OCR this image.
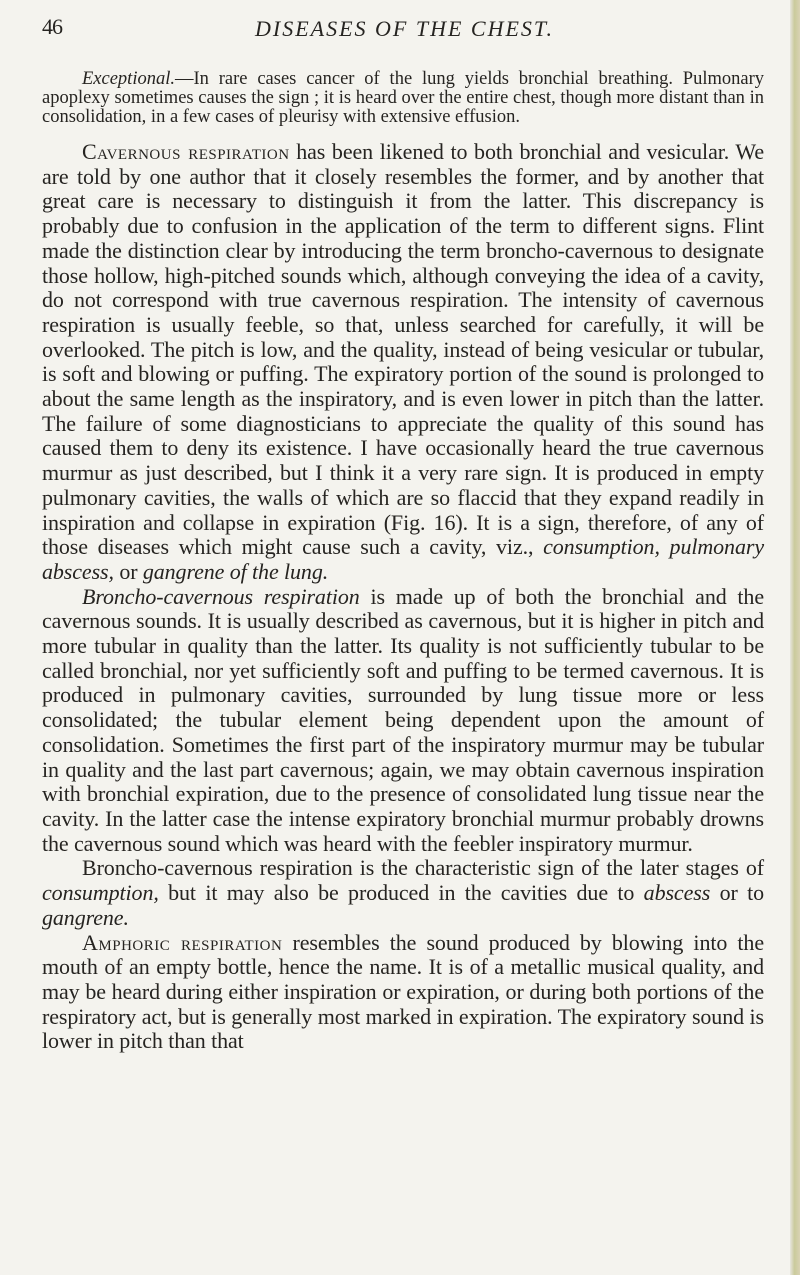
46	DISEASES OF THE CHEST.

Exceptional.—In rare cases cancer of the lung yields bronchial breathing. Pulmonary apoplexy sometimes causes the sign ; it is heard over the entire chest, though more distant than in consolidation, in a few cases of pleurisy with extensive effusion.

Cavernous respiration has been likened to both bronchial and vesicular. We are told by one author that it closely resembles the former, and by another that great care is necessary to distinguish it from the latter. This discrepancy is probably due to confusion in the application of the term to different signs. Flint made the distinction clear by introducing the term broncho-cavernous to designate those hollow, high-pitched sounds which, although conveying the idea of a cavity, do not correspond with true cavernous respiration. The intensity of cavernous respiration is usually feeble, so that, unless searched for carefully, it will be overlooked. The pitch is low, and the quality, instead of being vesicular or tubular, is soft and blowing or puffing. The expiratory portion of the sound is prolonged to about the same length as the inspiratory, and is even lower in pitch than the latter. The failure of some diagnosticians to appreciate the quality of this sound has caused them to deny its existence. I have occasionally heard the true cavernous murmur as just described, but I think it a very rare sign. It is produced in empty pulmonary cavities, the walls of which are so flaccid that they expand readily in inspiration and collapse in expiration (Fig. 16). It is a sign, therefore, of any of those diseases which might cause such a cavity, viz., consumption, pulmonary abscess, or gangrene of the lung.
Broncho-cavernous respiration is made up of both the bronchial and the cavernous sounds. It is usually described as cavernous, but it is higher in pitch and more tubular in quality than the latter. Its quality is not sufficiently tubular to be called bronchial, nor yet sufficiently soft and puffing to be termed cavernous. It is produced in pulmonary cavities, surrounded by lung tissue more or less consolidated; the tubular element being dependent upon the amount of consolidation. Sometimes the first part of the inspiratory murmur may be tubular in quality and the last part cavernous; again, we may obtain cavernous inspiration with bronchial expiration, due to the presence of consolidated lung tissue near the cavity. In the latter case the intense expiratory bronchial murmur probably drowns the cavernous sound which was heard with the feebler inspiratory murmur.

Broncho-cavernous respiration is the characteristic sign of the later stages of consumption, but it may also be produced in the cavities due to abscess or to gangrene.

Amphoric respiration resembles the sound produced by blowing into the mouth of an empty bottle, hence the name. It is of a metallic musical quality, and may be heard during either inspiration or expiration, or during both portions of the respiratory act, but is generally most marked in expiration. The expiratory sound is lower in pitch than that
